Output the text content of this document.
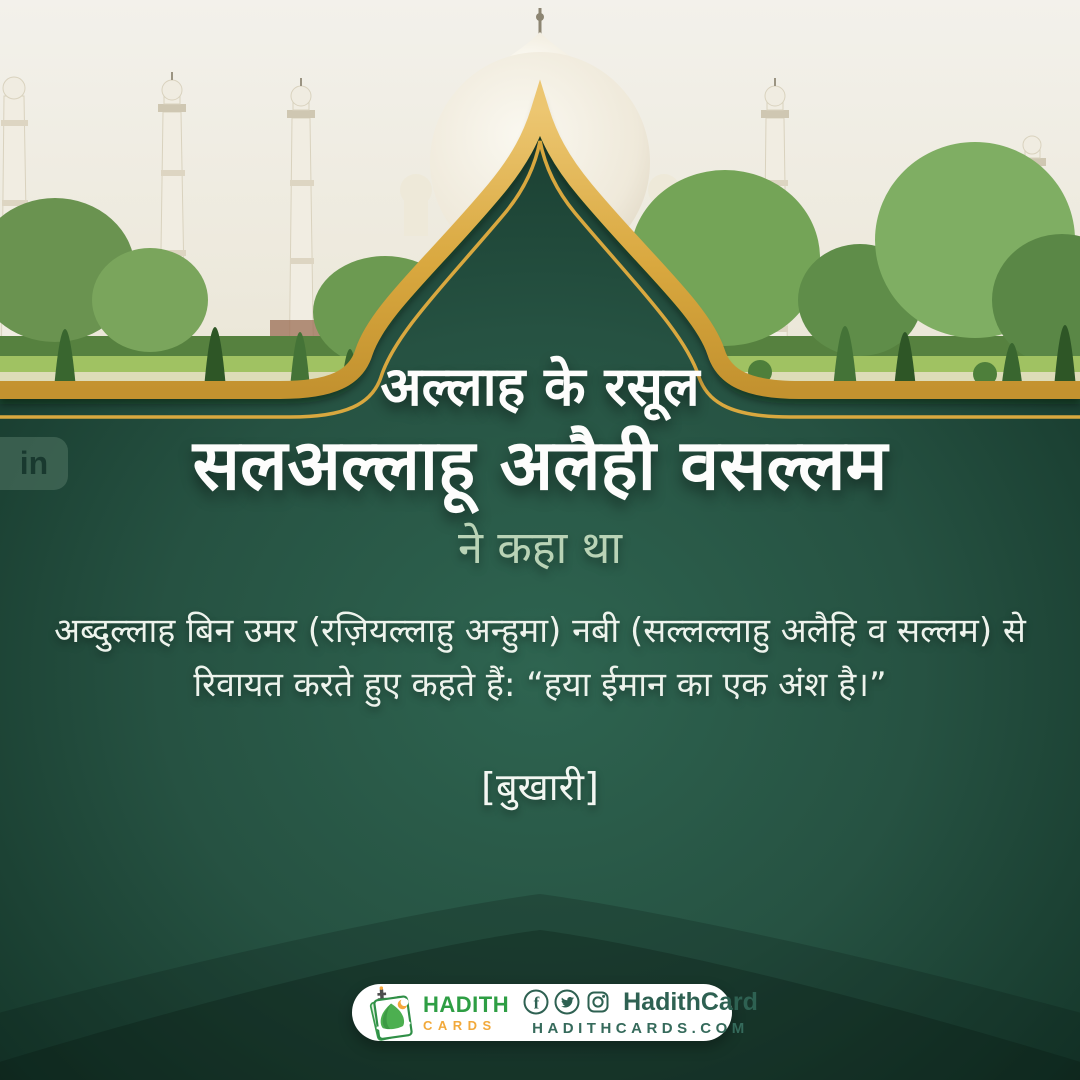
in
अल्लाह के रसूल
सलअल्लाहू अलैही वसल्लम
ने कहा था
अब्दुल्लाह बिन उमर (रज़ियल्लाहु अन्हुमा) नबी (सल्लल्लाहु अलैहि व सल्लम) से
रिवायत करते हुए कहते हैं: “हया ईमान का एक अंश है।”
[बुखारी]
HADITH
CARDS
f	HadithCard
HADITHCARDS.COM
